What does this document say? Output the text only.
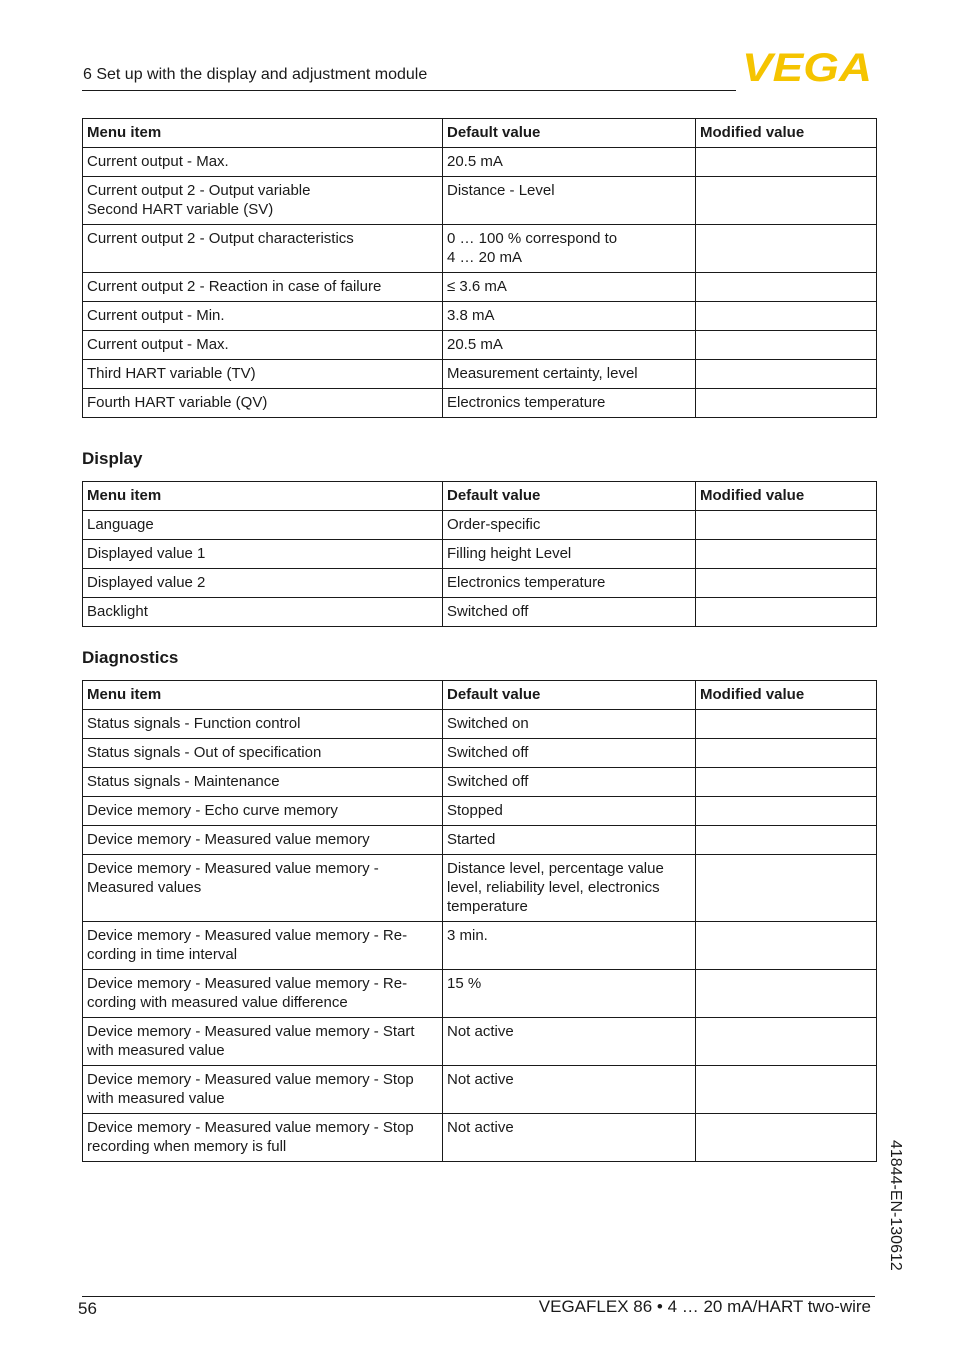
6 Set up with the display and adjustment module	VEGA
Menu item	Default value	Modified value
Current output - Max.	20.5 mA	
Current output 2 - Output variable
Second HART variable (SV)	Distance - Level	
Current output 2 - Output characteristics	0 … 100 % correspond to
4 … 20 mA	
Current output 2 - Reaction in case of failure	≤ 3.6 mA	
Current output - Min.	3.8 mA	
Current output - Max.	20.5 mA	
Third HART variable (TV)	Measurement certainty, level	
Fourth HART variable (QV)	Electronics temperature	
Display
Menu item	Default value	Modified value
Language	Order-specific	
Displayed value 1	Filling height Level	
Displayed value 2	Electronics temperature	
Backlight	Switched off	
Diagnostics
Menu item	Default value	Modified value
Status signals - Function control	Switched on	
Status signals - Out of specification	Switched off	
Status signals - Maintenance	Switched off	
Device memory - Echo curve memory	Stopped	
Device memory - Measured value memory	Started	
Device memory - Measured value memory -
Measured values	Distance level, percentage value
level, reliability level, electronics
temperature	
Device memory - Measured value memory - Re-
cording in time interval	3 min.	
Device memory - Measured value memory - Re-
cording with measured value difference	15 %	
Device memory - Measured value memory - Start
with measured value	Not active	
Device memory - Measured value memory - Stop
with measured value	Not active	
Device memory - Measured value memory - Stop
recording when memory is full	Not active	
41844-EN-130612
56	VEGAFLEX 86 • 4 … 20 mA/HART two-wire
